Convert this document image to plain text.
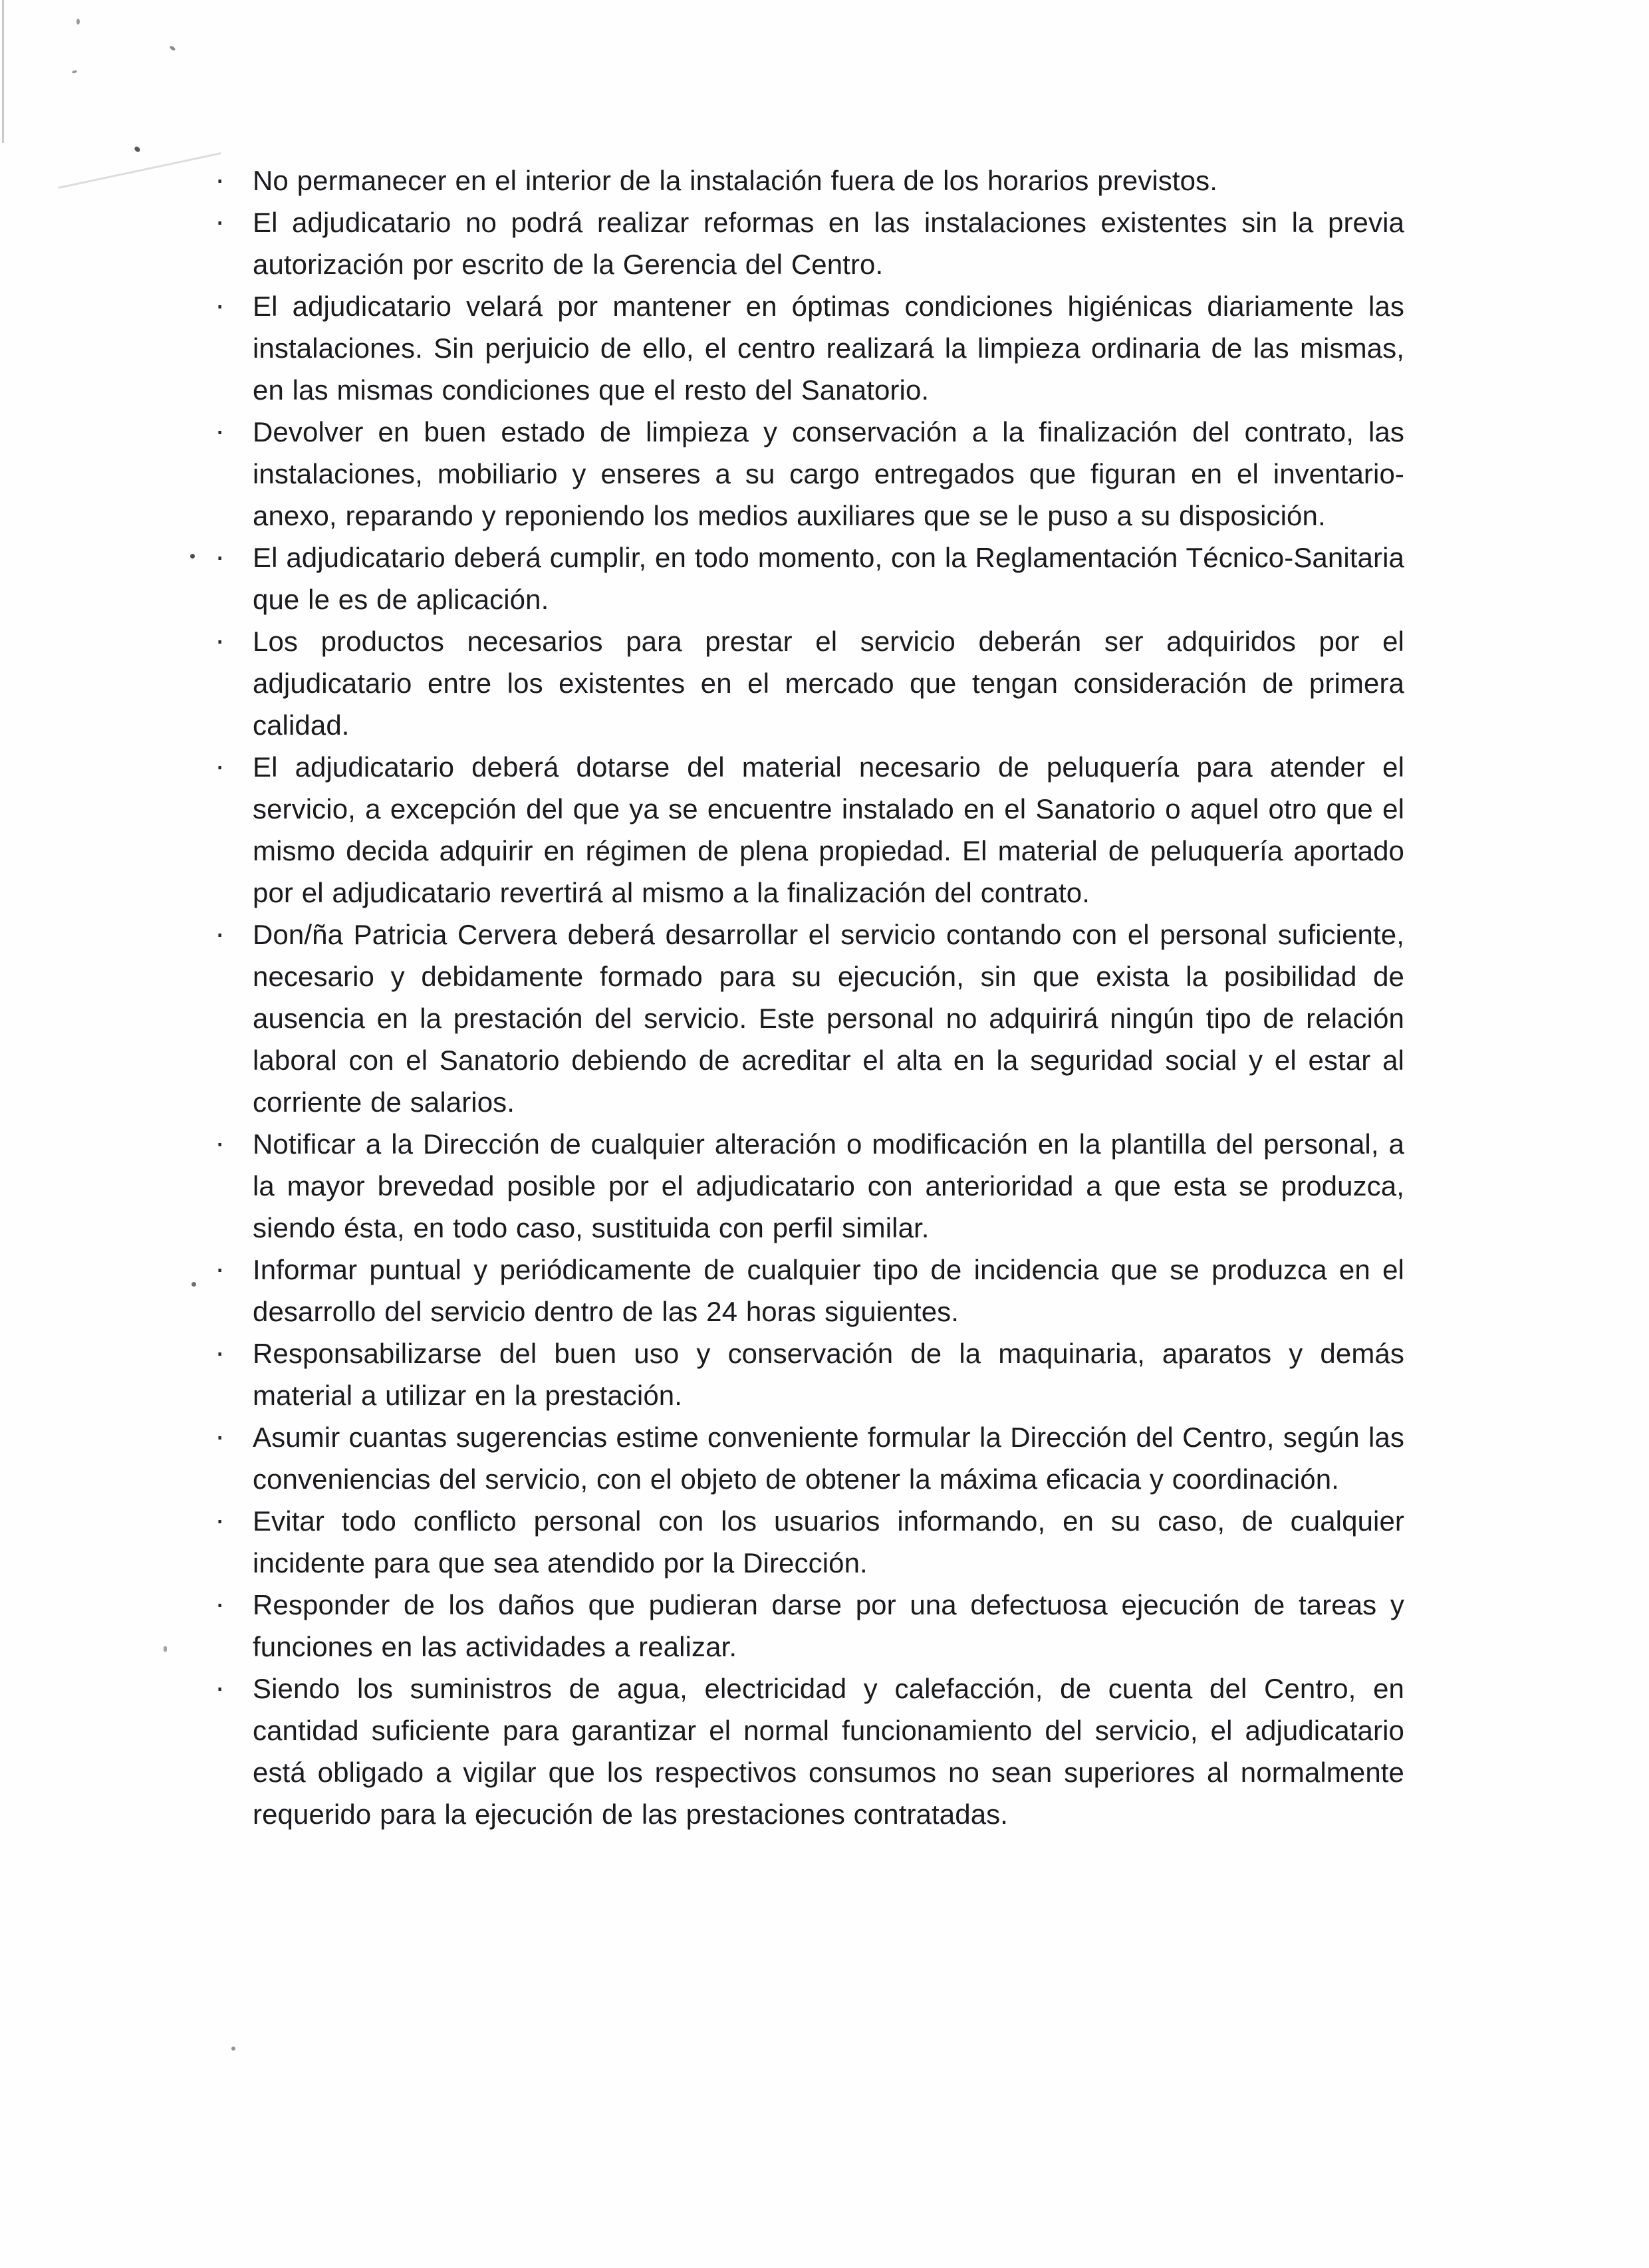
· No permanecer en el interior de la instalación fuera de los horarios previstos.
· El adjudicatario no podrá realizar reformas en las instalaciones existentes sin la previa autorización por escrito de la Gerencia del Centro.
· El adjudicatario velará por mantener en óptimas condiciones higiénicas diariamente las instalaciones. Sin perjuicio de ello, el centro realizará la limpieza ordinaria de las mismas, en las mismas condiciones que el resto del Sanatorio.
· Devolver en buen estado de limpieza y conservación a la finalización del contrato, las instalaciones, mobiliario y enseres a su cargo entregados que figuran en el inventario-anexo, reparando y reponiendo los medios auxiliares que se le puso a su disposición.
· El adjudicatario deberá cumplir, en todo momento, con la Reglamentación Técnico-Sanitaria que le es de aplicación.
· Los productos necesarios para prestar el servicio deberán ser adquiridos por el adjudicatario entre los existentes en el mercado que tengan consideración de primera calidad.
· El adjudicatario deberá dotarse del material necesario de peluquería para atender el servicio, a excepción del que ya se encuentre instalado en el Sanatorio o aquel otro que el mismo decida adquirir en régimen de plena propiedad. El material de peluquería aportado por el adjudicatario revertirá al mismo a la finalización del contrato.
· Don/ña Patricia Cervera deberá desarrollar el servicio contando con el personal suficiente, necesario y debidamente formado para su ejecución, sin que exista la posibilidad de ausencia en la prestación del servicio. Este personal no adquirirá ningún tipo de relación laboral con el Sanatorio debiendo de acreditar el alta en la seguridad social y el estar al corriente de salarios.
· Notificar a la Dirección de cualquier alteración o modificación en la plantilla del personal, a la mayor brevedad posible por el adjudicatario con anterioridad a que esta se produzca, siendo ésta, en todo caso, sustituida con perfil similar.
· Informar puntual y periódicamente de cualquier tipo de incidencia que se produzca en el desarrollo del servicio dentro de las 24 horas siguientes.
· Responsabilizarse del buen uso y conservación de la maquinaria, aparatos y demás material a utilizar en la prestación.
· Asumir cuantas sugerencias estime conveniente formular la Dirección del Centro, según las conveniencias del servicio, con el objeto de obtener la máxima eficacia y coordinación.
· Evitar todo conflicto personal con los usuarios informando, en su caso, de cualquier incidente para que sea atendido por la Dirección.
· Responder de los daños que pudieran darse por una defectuosa ejecución de tareas y funciones en las actividades a realizar.
· Siendo los suministros de agua, electricidad y calefacción, de cuenta del Centro, en cantidad suficiente para garantizar el normal funcionamiento del servicio, el adjudicatario está obligado a vigilar que los respectivos consumos no sean superiores al normalmente requerido para la ejecución de las prestaciones contratadas.
